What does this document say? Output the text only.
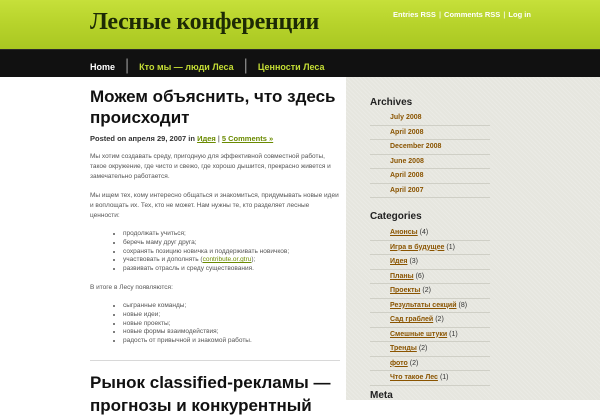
Лесные конференции	Entries RSS | Comments RSS | Log in
Home | Кто мы — люди Леса | Ценности Леса
Можем объяснить, что здесь происходит
Posted on апреля 29, 2007 in Идея | 5 Comments »

Мы хотим создавать среду, пригодную для эффективной совместной работы, такое окружение, где чисто и свежо, где хорошо дышится, прекрасно живется и замечательно работается.

Мы ищем тех, кому интересно общаться и знакомиться, придумывать новые идеи и воплощать их. Тех, кто не может. Нам нужны те, кто разделяет лесные ценности:

• продолжать учиться;
• беречь маму друг друга;
• сохранять позицию новичка и поддерживать новичков;
• участвовать и дополнять (contribute.or.gtru);
• развивать отрасль и среду существования.

В итоге в Лесу появляются:

• сыгранные команды;
• новые идеи;
• новые проекты;
• новые формы взаимодействия;
• радость от привычной и знакомой работы.
Рынок classified-рекламы — прогнозы и конкурентный
Archives
July 2008
April 2008
December 2008
June 2008
April 2008
April 2007
Categories
Анонсы (4)
Игра в будущее (1)
Идея (3)
Планы (6)
Проекты (2)
Результаты секций (8)
Сад граблей (2)
Смешные штуки (1)
Тренды (2)
фото (2)
Что такое Лес (1)
Meta
